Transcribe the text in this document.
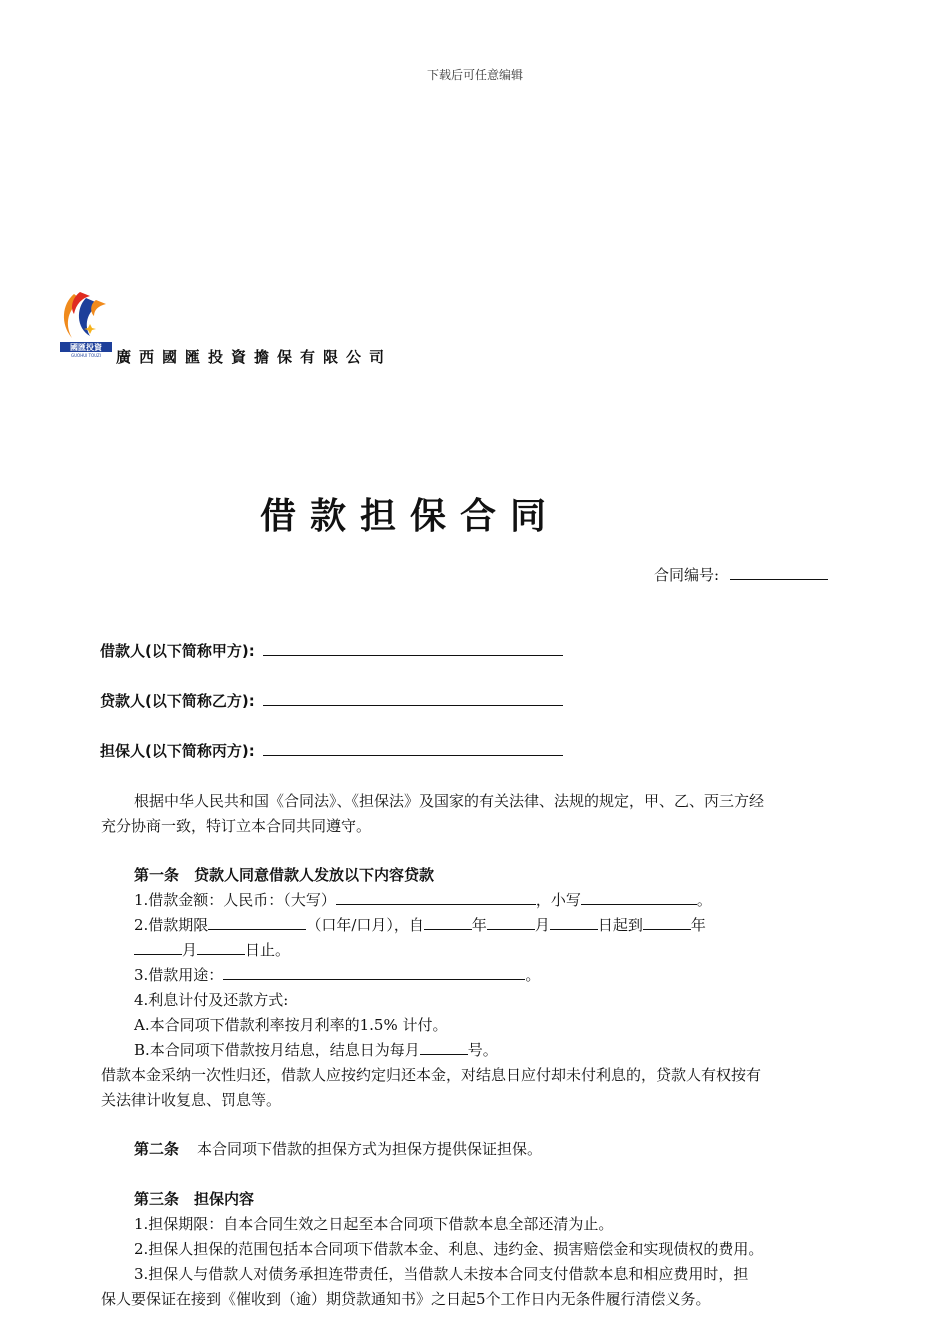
下载后可任意编辑
國匯投資
GUOHUI TOUZI 廣西國匯投資擔保有限公司
借款担保合同
合同编号:
借款人(以下简称甲方):
贷款人(以下简称乙方):
担保人(以下简称丙方):
根据中华人民共和国《合同法》、《担保法》及国家的有关法律、法规的规定，甲、乙、丙三方经
充分协商一致，特订立本合同共同遵守。
第一条　贷款人同意借款人发放以下内容贷款
1.借款金额：人民币：（大写）	，小写	。
2.借款期限	（口年/口月），自	年	月	日起到	年
月	日止。
3.借款用途：	。
4.利息计付及还款方式:
A.本合同项下借款利率按月利率的1.5% 计付。
B.本合同项下借款按月结息，结息日为每月	号。
借款本金采纳一次性归还，借款人应按约定归还本金，对结息日应付却未付利息的，贷款人有权按有
关法律计收复息、罚息等。
第二条 本合同项下借款的担保方式为担保方提供保证担保。
第三条　担保内容
1.担保期限：自本合同生效之日起至本合同项下借款本息全部还清为止。
2.担保人担保的范围包括本合同项下借款本金、利息、违约金、损害赔偿金和实现债权的费用。
3.担保人与借款人对债务承担连带责任，当借款人未按本合同支付借款本息和相应费用时，担
保人要保证在接到《催收到（逾）期贷款通知书》之日起5个工作日内无条件履行清偿义务。
